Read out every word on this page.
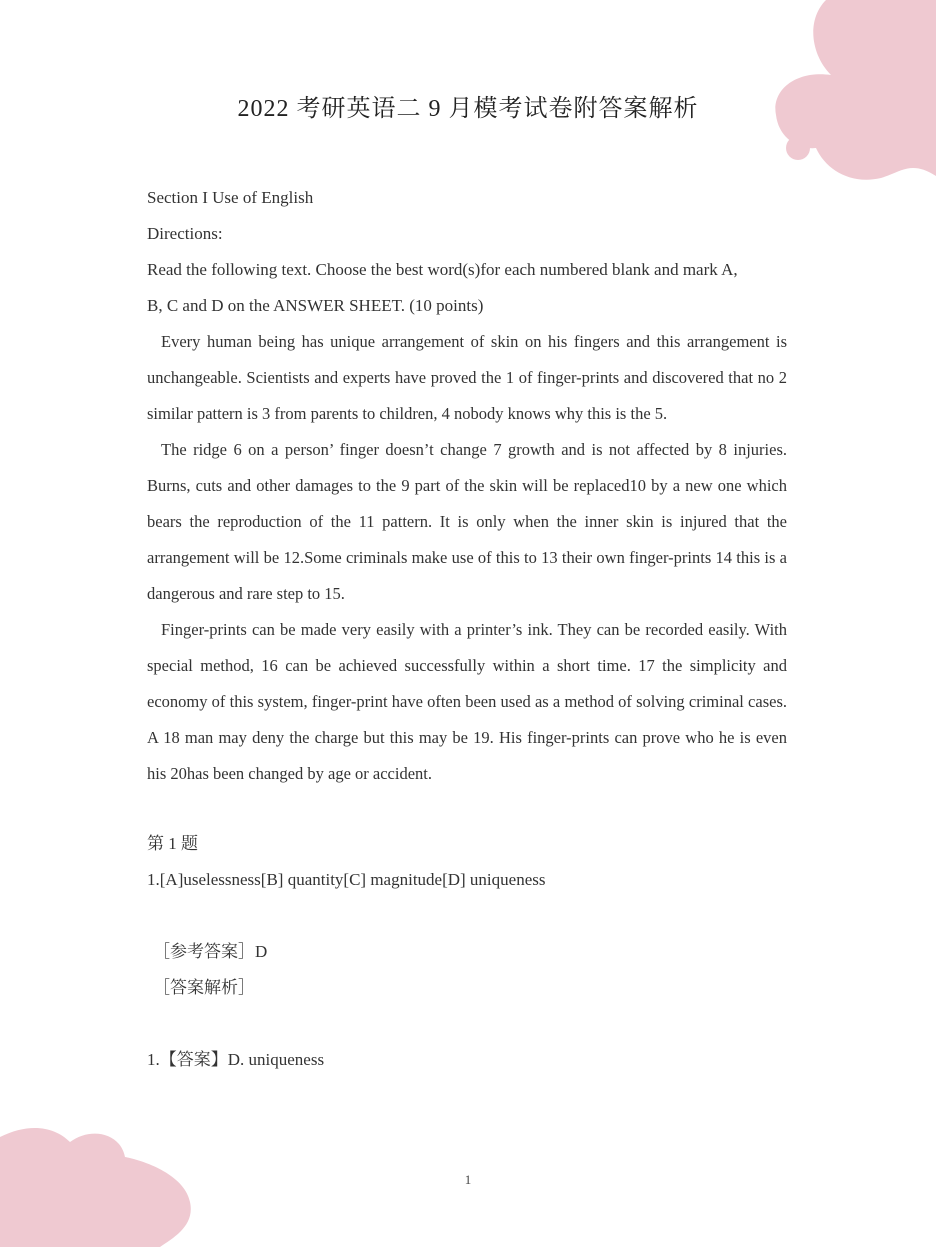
2022 考研英语二 9 月模考试卷附答案解析
Section I Use of English
Directions:
Read the following text. Choose the best word(s)for each numbered blank and mark A,
B, C and D on the ANSWER SHEET. (10 points)

Every human being has unique arrangement of skin on his fingers and this arrangement is unchangeable. Scientists and experts have proved the 1 of finger-prints and discovered that no 2 similar pattern is 3 from parents to children, 4 nobody knows why this is the 5.

The ridge 6 on a person’ finger doesn’t change 7 growth and is not affected by 8 injuries. Burns, cuts and other damages to the 9 part of the skin will be replaced10 by a new one which bears the reproduction of the 11 pattern. It is only when the inner skin is injured that the arrangement will be 12.Some criminals make use of this to 13 their own finger-prints 14 this is a dangerous and rare step to 15.

Finger-prints can be made very easily with a printer’s ink. They can be recorded easily. With special method, 16 can be achieved successfully within a short time. 17 the simplicity and economy of this system, finger-print have often been used as a method of solving criminal cases. A 18 man may deny the charge but this may be 19. His finger-prints can prove who he is even his 20has been changed by age or accident.

第 1 题
1.[A]uselessness[B] quantity[C] magnitude[D] uniqueness
［参考答案］D
［答案解析］
1.【答案】D. uniqueness
1
